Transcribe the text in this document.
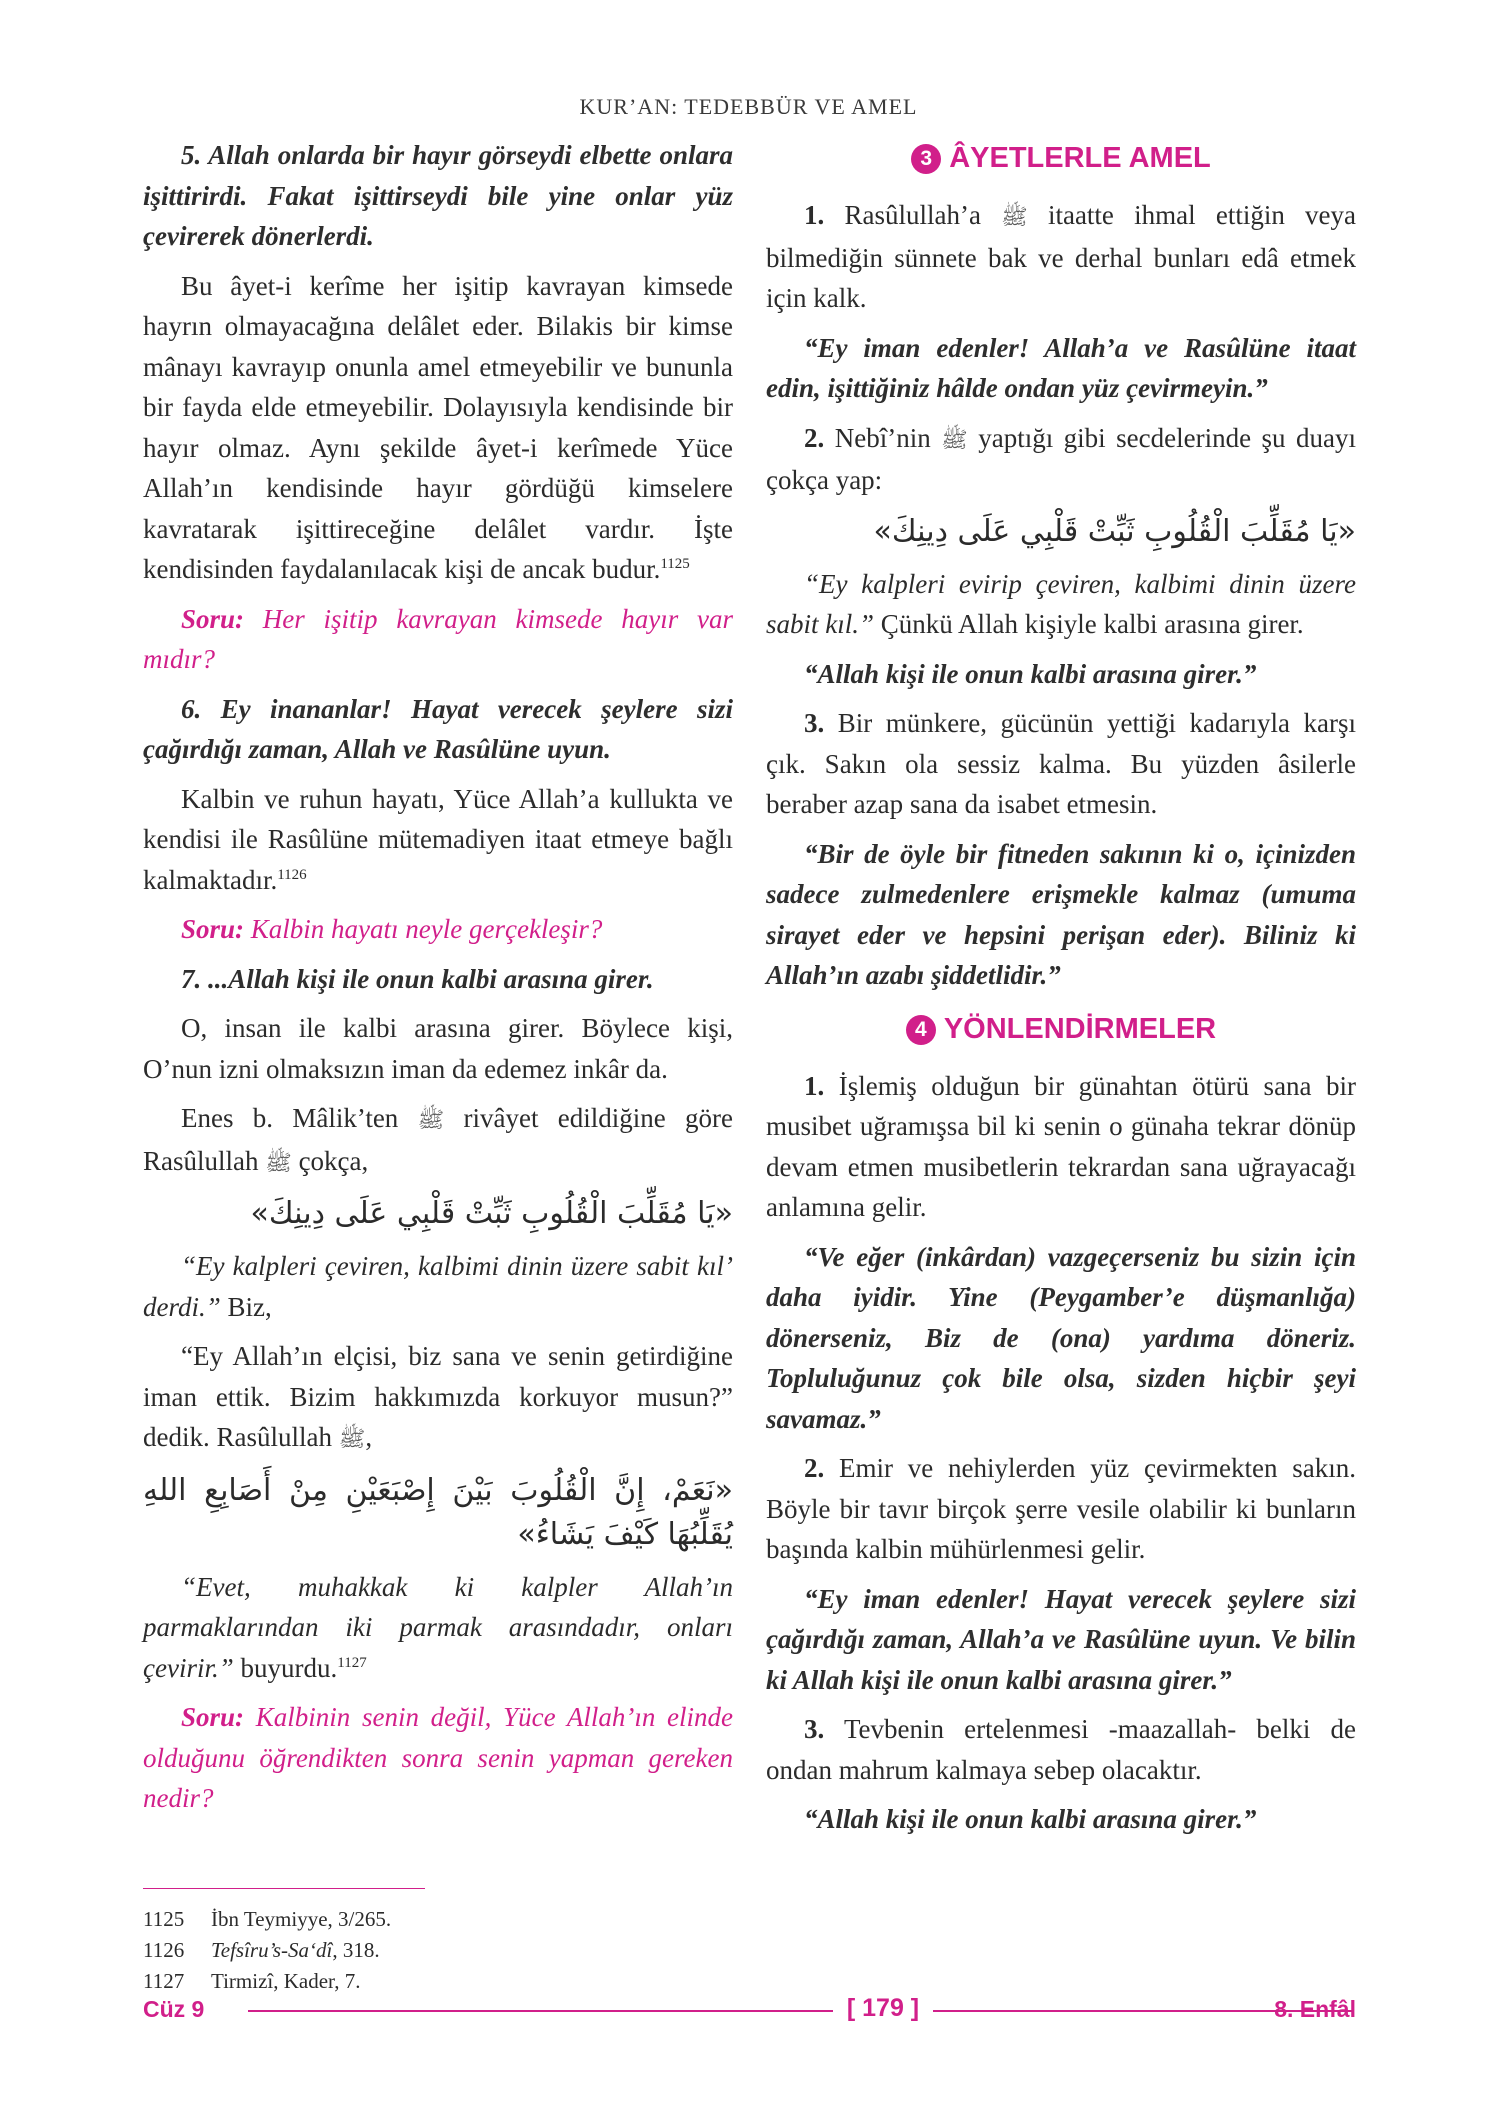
KUR’AN: TEDEBBÜR VE AMEL

5. Allah onlarda bir hayır görseydi elbette onlara işittirirdi. Fakat işittirseydi bile yine onlar yüz çevirerek dönerlerdi.

Bu âyet-i kerîme her işitip kavrayan kimsede hayrın olmayacağına delâlet eder. Bilakis bir kimse mânayı kavrayıp onunla amel etmeyebilir ve bununla bir fayda elde etmeyebilir. Dolayısıyla kendisinde bir hayır olmaz. Aynı şekilde âyet-i kerîmede Yüce Allah’ın kendisinde hayır gördüğü kimselere kavratarak işittireceğine delâlet vardır. İşte kendisinden faydalanılacak kişi de ancak budur.$^{1125}$

Soru: Her işitip kavrayan kimsede hayır var mıdır?

6. Ey inananlar! Hayat verecek şeylere sizi çağırdığı zaman, Allah ve Rasûlüne uyun.

Kalbin ve ruhun hayatı, Yüce Allah’a kullukta ve kendisi ile Rasûlüne mütemadiyen itaat etmeye bağlı kalmaktadır.$^{1126}$

Soru: Kalbin hayatı neyle gerçekleşir?

7. ...Allah kişi ile onun kalbi arasına girer.

O, insan ile kalbi arasına girer. Böylece kişi, O’nun izni olmaksızın iman da edemez inkâr da.

Enes b. Mâlik’ten ﷺ rivâyet edildiğine göre Rasûlullah ﷺ çokça,

«يَا مُقَلِّبَ الْقُلُوبِ ثَبِّتْ قَلْبِي عَلَى دِينِكَ»

“Ey kalpleri çeviren, kalbimi dinin üzere sabit kıl’ derdi.” Biz,

“Ey Allah’ın elçisi, biz sana ve senin getirdiğine iman ettik. Bizim hakkımızda korkuyor musun?” dedik. Rasûlullah ﷺ,

«نَعَمْ، إِنَّ الْقُلُوبَ بَيْنَ إِصْبَعَيْنِ مِنْ أَصَابِعِ اللهِ يُقَلِّبُهَا كَيْفَ يَشَاءُ»

“Evet, muhakkak ki kalpler Allah’ın parmaklarından iki parmak arasındadır, onları çevirir.” buyurdu.$^{1127}$

Soru: Kalbinin senin değil, Yüce Allah’ın elinde olduğunu öğrendikten sonra senin yapman gereken nedir?

3 ÂYETLERLE AMEL

1. Rasûlullah’a ﷺ itaatte ihmal ettiğin veya bilmediğin sünnete bak ve derhal bunları edâ etmek için kalk.

“Ey iman edenler! Allah’a ve Rasûlüne itaat edin, işittiğiniz hâlde ondan yüz çevirmeyin.”

2. Nebî’nin ﷺ yaptığı gibi secdelerinde şu duayı çokça yap:

«يَا مُقَلِّبَ الْقُلُوبِ ثَبِّتْ قَلْبِي عَلَى دِينِكَ»

“Ey kalpleri evirip çeviren, kalbimi dinin üzere sabit kıl.” Çünkü Allah kişiyle kalbi arasına girer.

“Allah kişi ile onun kalbi arasına girer.”

3. Bir münkere, gücünün yettiği kadarıyla karşı çık. Sakın ola sessiz kalma. Bu yüzden âsilerle beraber azap sana da isabet etmesin.

“Bir de öyle bir fitneden sakının ki o, içinizden sadece zulmedenlere erişmekle kalmaz (umuma sirayet eder ve hepsini perişan eder). Biliniz ki Allah’ın azabı şiddetlidir.”

4 YÖNLENDİRMELER

1. İşlemiş olduğun bir günahtan ötürü sana bir musibet uğramışsa bil ki senin o günaha tekrar dönüp devam etmen musibetlerin tekrardan sana uğrayacağı anlamına gelir.

“Ve eğer (inkârdan) vazgeçerseniz bu sizin için daha iyidir. Yine (Peygamber’e düşmanlığa) dönerseniz, Biz de (ona) yardıma döneriz. Topluluğunuz çok bile olsa, sizden hiçbir şeyi savamaz.”

2. Emir ve nehiylerden yüz çevirmekten sakın. Böyle bir tavır birçok şerre vesile olabilir ki bunların başında kalbin mühürlenmesi gelir.

“Ey iman edenler! Hayat verecek şeylere sizi çağırdığı zaman, Allah’a ve Rasûlüne uyun. Ve bilin ki Allah kişi ile onun kalbi arasına girer.”

3. Tevbenin ertelenmesi -maazallah- belki de ondan mahrum kalmaya sebep olacaktır.

“Allah kişi ile onun kalbi arasına girer.”

1125 İbn Teymiyye, 3/265.

1126 Tefsîru’s-Sa‘dî, 318.

1127 Tirmizî, Kader, 7.

Cüz 9	[ 179 ]	8. Enfâl
